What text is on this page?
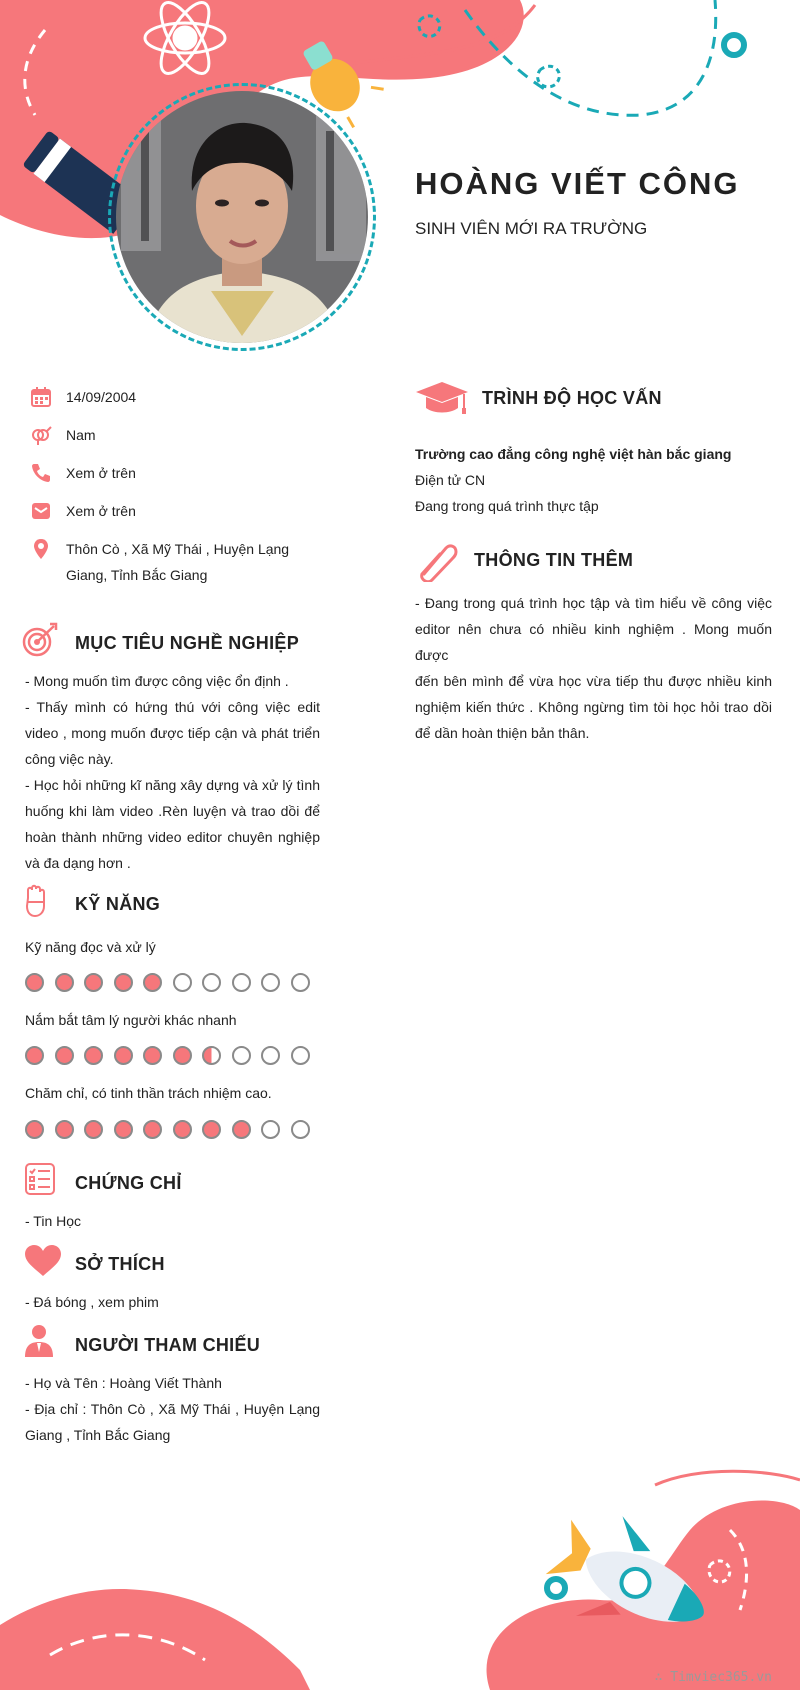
HOÀNG VIẾT CÔNG
SINH VIÊN MỚI RA TRƯỜNG
14/09/2004
Nam
Xem ở trên
Xem ở trên
Thôn Cò , Xã Mỹ Thái , Huyện Lạng
Giang, Tỉnh Bắc Giang
MỤC TIÊU NGHỀ NGHIỆP
- Mong muốn tìm được công việc ổn định .
- Thấy mình có hứng thú với công việc edit
video , mong muốn được tiếp cận và phát triển
công việc này.
- Học hỏi những kĩ năng xây dựng và xử lý tình
huống khi làm video .Rèn luyện và trao dồi để
hoàn thành những video editor chuyên nghiệp
và đa dạng hơn .
KỸ NĂNG
Kỹ năng đọc và xử lý
Nắm bắt tâm lý người khác nhanh
Chăm chỉ, có tinh thần trách nhiệm cao.
CHỨNG CHỈ
- Tin Học
SỞ THÍCH
- Đá bóng , xem phim
NGƯỜI THAM CHIẾU
- Họ và Tên : Hoàng Viết Thành
- Địa chỉ : Thôn Cò , Xã Mỹ Thái , Huyện Lạng
Giang , Tỉnh Bắc Giang
TRÌNH ĐỘ HỌC VẤN
Trường cao đẳng công nghệ việt hàn bắc giang
Điện tử CN
Đang trong quá trình thực tập
THÔNG TIN THÊM
- Đang trong quá trình học tập và tìm hiểu về công việc
editor nên chưa có nhiều kinh nghiệm . Mong muốn được
đến bên mình để vừa học vừa tiếp thu được nhiều kinh
nghiệm kiến thức . Không ngừng tìm tòi học hỏi trao dồi
để dần hoàn thiện bản thân.
∴ Timviec365.vn
